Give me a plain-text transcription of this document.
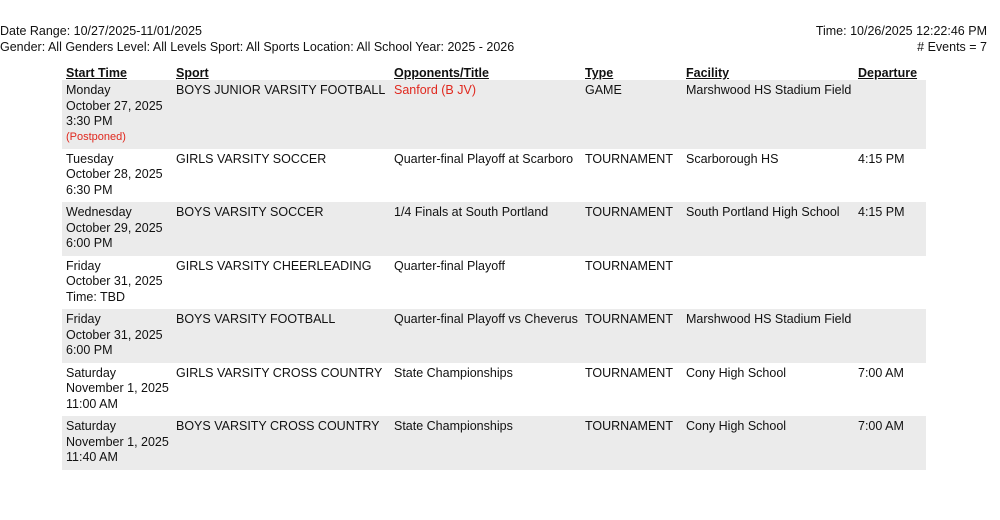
Date Range: 10/27/2025-11/01/2025
Gender: All Genders Level: All Levels Sport: All Sports Location: All School Year: 2025 - 2026
Time: 10/26/2025 12:22:46 PM
# Events = 7
Start Time	Sport	Opponents/Title	Type	Facility	Departure

Monday
October 27, 2025
3:30 PM
(Postponed)	BOYS JUNIOR VARSITY FOOTBALL	Sanford (B JV)	GAME	Marshwood HS Stadium Field	

Tuesday
October 28, 2025
6:30 PM	GIRLS VARSITY SOCCER	Quarter-final Playoff at Scarboro	TOURNAMENT	Scarborough HS	4:15 PM

Wednesday
October 29, 2025
6:00 PM	BOYS VARSITY SOCCER	1/4 Finals at South Portland	TOURNAMENT	South Portland High School	4:15 PM

Friday
October 31, 2025
Time: TBD	GIRLS VARSITY CHEERLEADING	Quarter-final Playoff	TOURNAMENT		

Friday
October 31, 2025
6:00 PM	BOYS VARSITY FOOTBALL	Quarter-final Playoff vs Cheverus	TOURNAMENT	Marshwood HS Stadium Field	

Saturday
November 1, 2025
11:00 AM	GIRLS VARSITY CROSS COUNTRY	State Championships	TOURNAMENT	Cony High School	7:00 AM

Saturday
November 1, 2025
11:40 AM	BOYS VARSITY CROSS COUNTRY	State Championships	TOURNAMENT	Cony High School	7:00 AM
